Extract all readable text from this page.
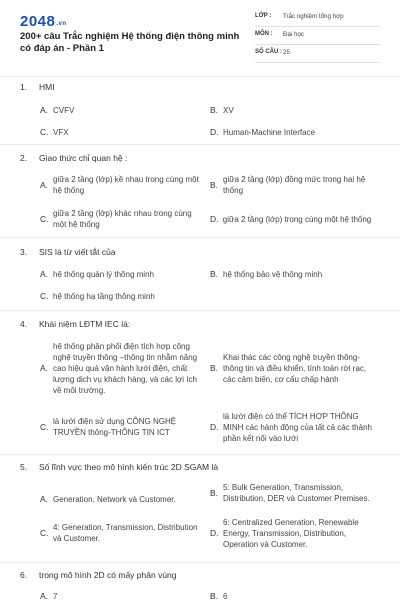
2048.vn
200+ câu Trắc nghiệm Hệ thống điện thông minh có đáp án - Phần 1
LỚP :	Trắc nghiệm tổng hợp
MÔN :	Đại học
SỐ CÂU : 25
1.	HMI
A. CVFV	B. XV
C. VFX	D. Human-Machine Interface
2.	Giao thức chỉ quan hệ :
A.
giữa 2 tầng (lớp) kề nhau trong cùng một hệ thống
B.
giữa 2 tầng (lớp) đồng mức trong hai hệ thống
C.
giữa 2 tầng (lớp) khác nhau trong cùng một hệ thống
D. giữa 2 tầng (lớp) trong cùng một hệ thống
3.	SIS là từ viết tắt của
A. hệ thống quản lý thông minh	B. hệ thống bảo vệ thông minh
C. hệ thống hạ tầng thông minh
4.	Khái niệm LĐTM IEC là:
A.
hệ thống phân phối điện tích hợp công nghệ truyền thông –thông tin nhằm nâng cao hiệu quả vận hành lưới điện, chất lượng dịch vụ khách hàng, và các lợi ích về môi trường.
B.
Khai thác các công nghệ truyền thông-thông tin và điều khiển, tính toán rời rạc, các cảm biến, cơ cấu chấp hành
C.
là lưới điện sử dụng CÔNG NGHỆ TRUYỀN thông-THÔNG TIN ICT
D.
là lưới điện có thể TÍCH HỢP THÔNG MINH các hành động của tất cả các thành phần kết nối vào lưới
5.	Số lĩnh vực theo mô hình kiến trúc 2D SGAM là
A. Generation, Network và Customer.
B.
5: Bulk Generation, Transmission, Distribution, DER và Customer Premises.
C.
4: Generation, Transmission, Distribution và Customer.
D.
6: Centralized Generation, Renewable Energy, Transmission, Distribution, Operation và Customer.
6.	trong mô hình 2D có mấy phân vùng
A. 7	B. 6
